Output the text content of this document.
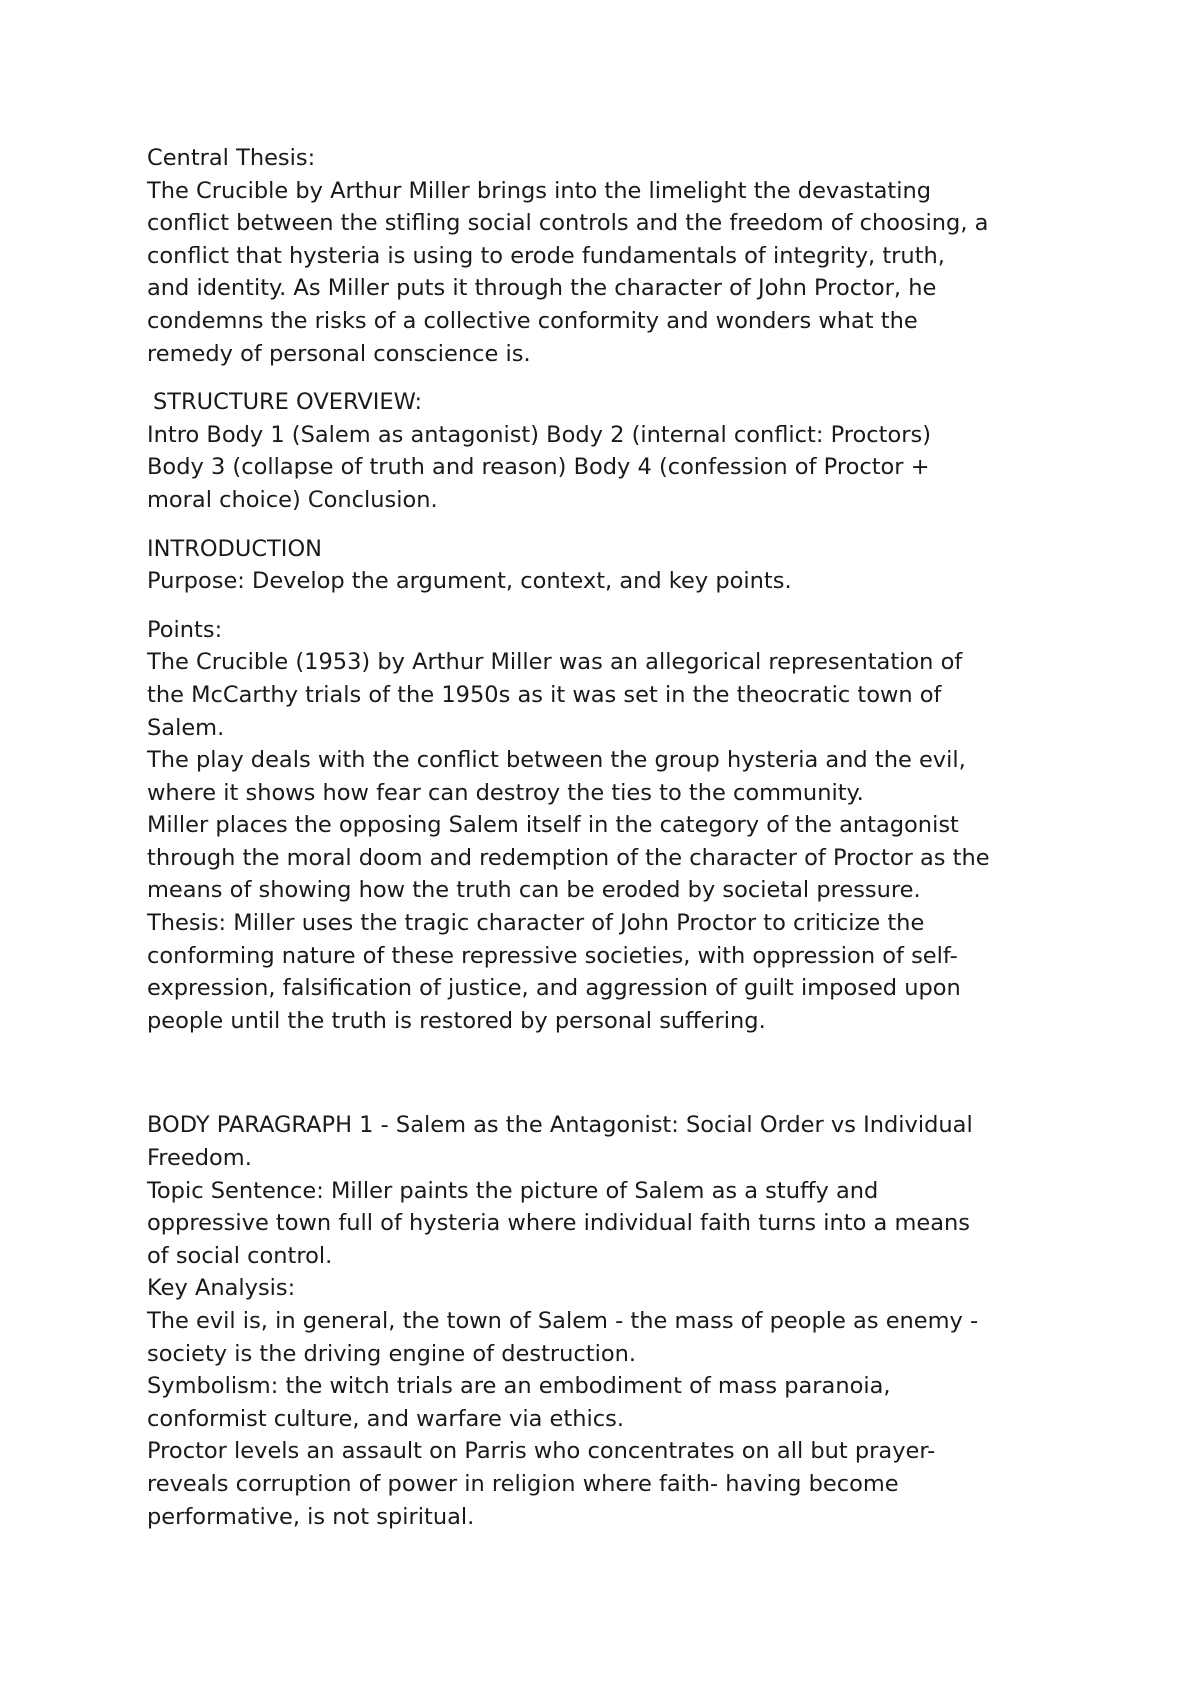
Central Thesis:
The Crucible by Arthur Miller brings into the limelight the devastating
conflict between the stifling social controls and the freedom of choosing, a
conflict that hysteria is using to erode fundamentals of integrity, truth,
and identity. As Miller puts it through the character of John Proctor, he
condemns the risks of a collective conformity and wonders what the
remedy of personal conscience is.
STRUCTURE OVERVIEW:
Intro Body 1 (Salem as antagonist) Body 2 (internal conflict: Proctors)
Body 3 (collapse of truth and reason) Body 4 (confession of Proctor +
moral choice) Conclusion.
INTRODUCTION
Purpose: Develop the argument, context, and key points.
Points:
The Crucible (1953) by Arthur Miller was an allegorical representation of
the McCarthy trials of the 1950s as it was set in the theocratic town of
Salem.
The play deals with the conflict between the group hysteria and the evil,
where it shows how fear can destroy the ties to the community.
Miller places the opposing Salem itself in the category of the antagonist
through the moral doom and redemption of the character of Proctor as the
means of showing how the truth can be eroded by societal pressure.
Thesis: Miller uses the tragic character of John Proctor to criticize the
conforming nature of these repressive societies, with oppression of self-
expression, falsification of justice, and aggression of guilt imposed upon
people until the truth is restored by personal suffering.
BODY PARAGRAPH 1 - Salem as the Antagonist: Social Order vs Individual
Freedom.
Topic Sentence: Miller paints the picture of Salem as a stuffy and
oppressive town full of hysteria where individual faith turns into a means
of social control.
Key Analysis:
The evil is, in general, the town of Salem - the mass of people as enemy -
society is the driving engine of destruction.
Symbolism: the witch trials are an embodiment of mass paranoia,
conformist culture, and warfare via ethics.
Proctor levels an assault on Parris who concentrates on all but prayer-
reveals corruption of power in religion where faith- having become
performative, is not spiritual.
